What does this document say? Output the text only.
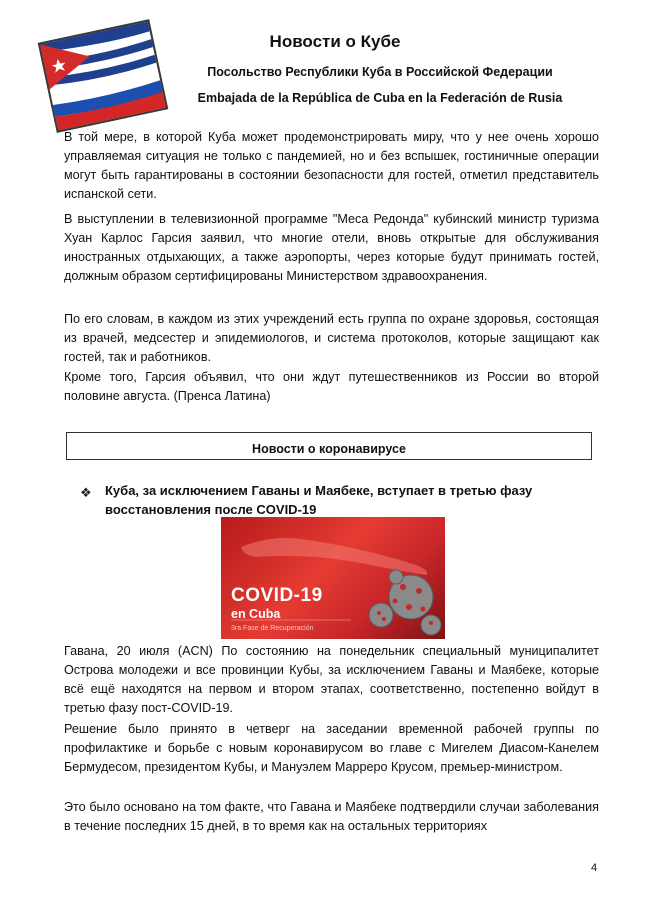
Новости о Кубе
Посольство Республики Куба в Российской Федерации
Embajada de la República de Cuba en la Federación de Rusia

В той мере, в которой Куба может продемонстрировать миру, что у нее очень хорошо управляемая ситуация не только с пандемией, но и без вспышек, гостиничные операции могут быть гарантированы в состоянии безопасности для гостей, отметил представитель испанской сети.

В выступлении в телевизионной программе "Меса Редонда" кубинский министр туризма Хуан Карлос Гарсия заявил, что многие отели, вновь открытые для обслуживания иностранных отдыхающих, а также аэропорты, через которые будут принимать гостей, должным образом сертифицированы Министерством здравоохранения.

По его словам, в каждом из этих учреждений есть группа по охране здоровья, состоящая из врачей, медсестер и эпидемиологов, и система протоколов, которые защищают как гостей, так и работников.

Кроме того, Гарсия объявил, что они ждут путешественников из России во второй половине августа. (Пренса Латина)

Новости о коронавирусе
❖ Куба, за исключением Гаваны и Маябеке, вступает в третью фазу восстановления после COVID-19

COVID-19
en Cuba
3ra Fase de Recuperación

Гавана, 20 июля (ACN) По состоянию на понедельник специальный муниципалитет Острова молодежи и все провинции Кубы, за исключением Гаваны и Маябеке, которые всё ещё находятся на первом и втором этапах, соответственно, постепенно войдут в третью фазу пост-COVID-19.

Решение было принято в четверг на заседании временной рабочей группы по профилактике и борьбе с новым коронавирусом во главе с Мигелем Диасом-Канелем Бермудесом, президентом Кубы, и Мануэлем Марреро Крусом, премьер-министром.

Это было основано на том факте, что Гавана и Маябеке подтвердили случаи заболевания в течение последних 15 дней, в то время как на остальных территориях

4
